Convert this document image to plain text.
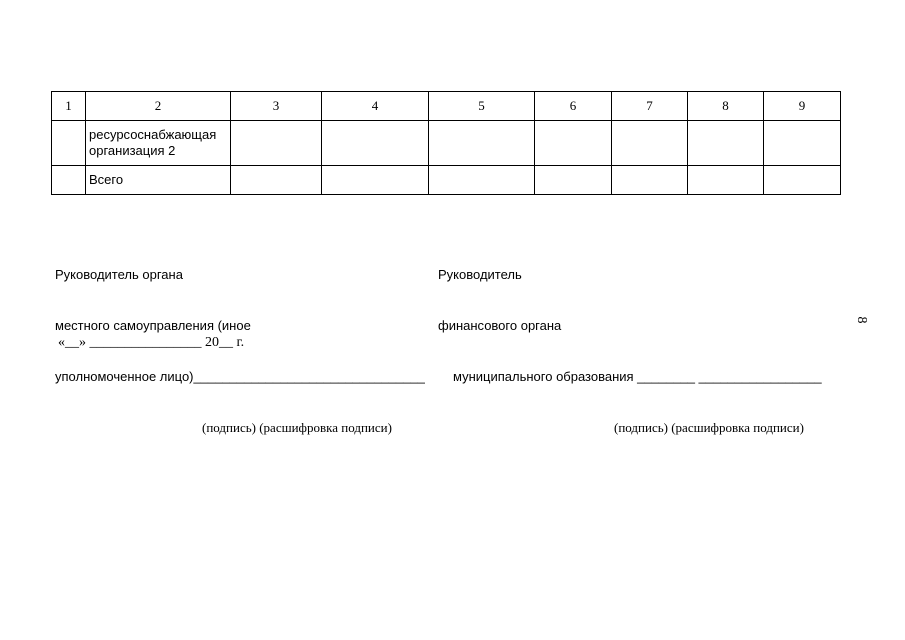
1	2	3	4	5	6	7	8	9

	ресурсоснабжающая
организация 2							

	Всего							

Руководитель органа

местного самоуправления (иное

уполномоченное лицо)________________________________

(подпись) (расшифровка подписи)

Руководитель

финансового органа

муниципального образования ________ _________________

(подпись) (расшифровка подписи)

«__» ________________ 20__ г.
8
